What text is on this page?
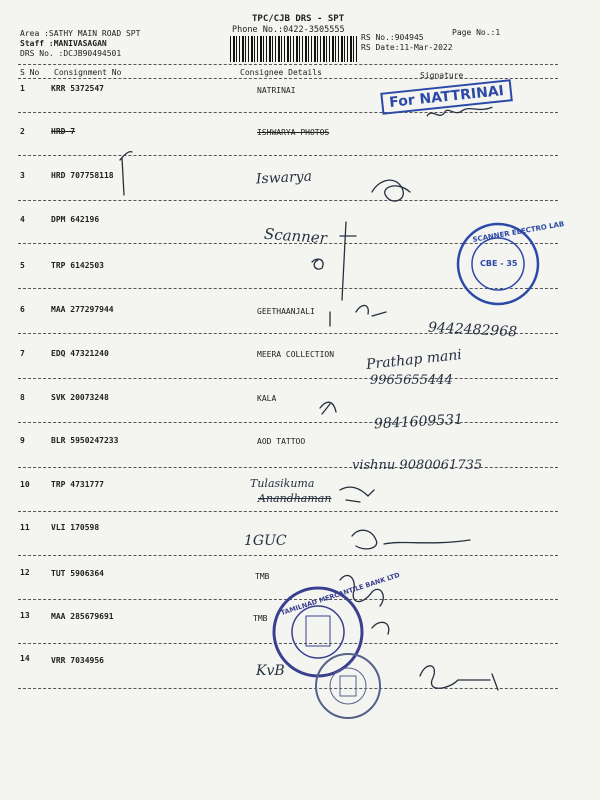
Area :SATHY MAIN ROAD SPT
Staff :MANIVASAGAN
DRS No. :DCJB90494501
TPC/CJB DRS - SPT
Phone No.:0422-3505555
RS No.:904945
RS Date:11-Mar-2022
Page No.:1
S No Consignment No	Consignee Details	Signature
1	KRR 5372547	NATRINAI
2	HRD 7	ISHWARYA PHOTOS
3	HRD 707758118
4	DPM 642196
5	TRP 6142503
6	MAA 277297944	GEETHAANJALI
7	EDQ 47321240	MEERA COLLECTION
8	SVK 20073248	KALA
9	BLR 5950247233	AOD TATTOO
10	TRP 4731777
11	VLI 170598
12	TUT 5906364	TMB
13	MAA 285679691	TMB
14	VRR 7034956
Iswarya
Scanner
9442482968
Prathap mani
9965655444
9841609531
vishnu 9080061735
Tulasikuma
Anandhaman
1GUC
KvB
For NATTRINAI
SCANNER ELECTRO LAB
CBE - 35
TAMILNAD MERCANTILE BANK LTD
